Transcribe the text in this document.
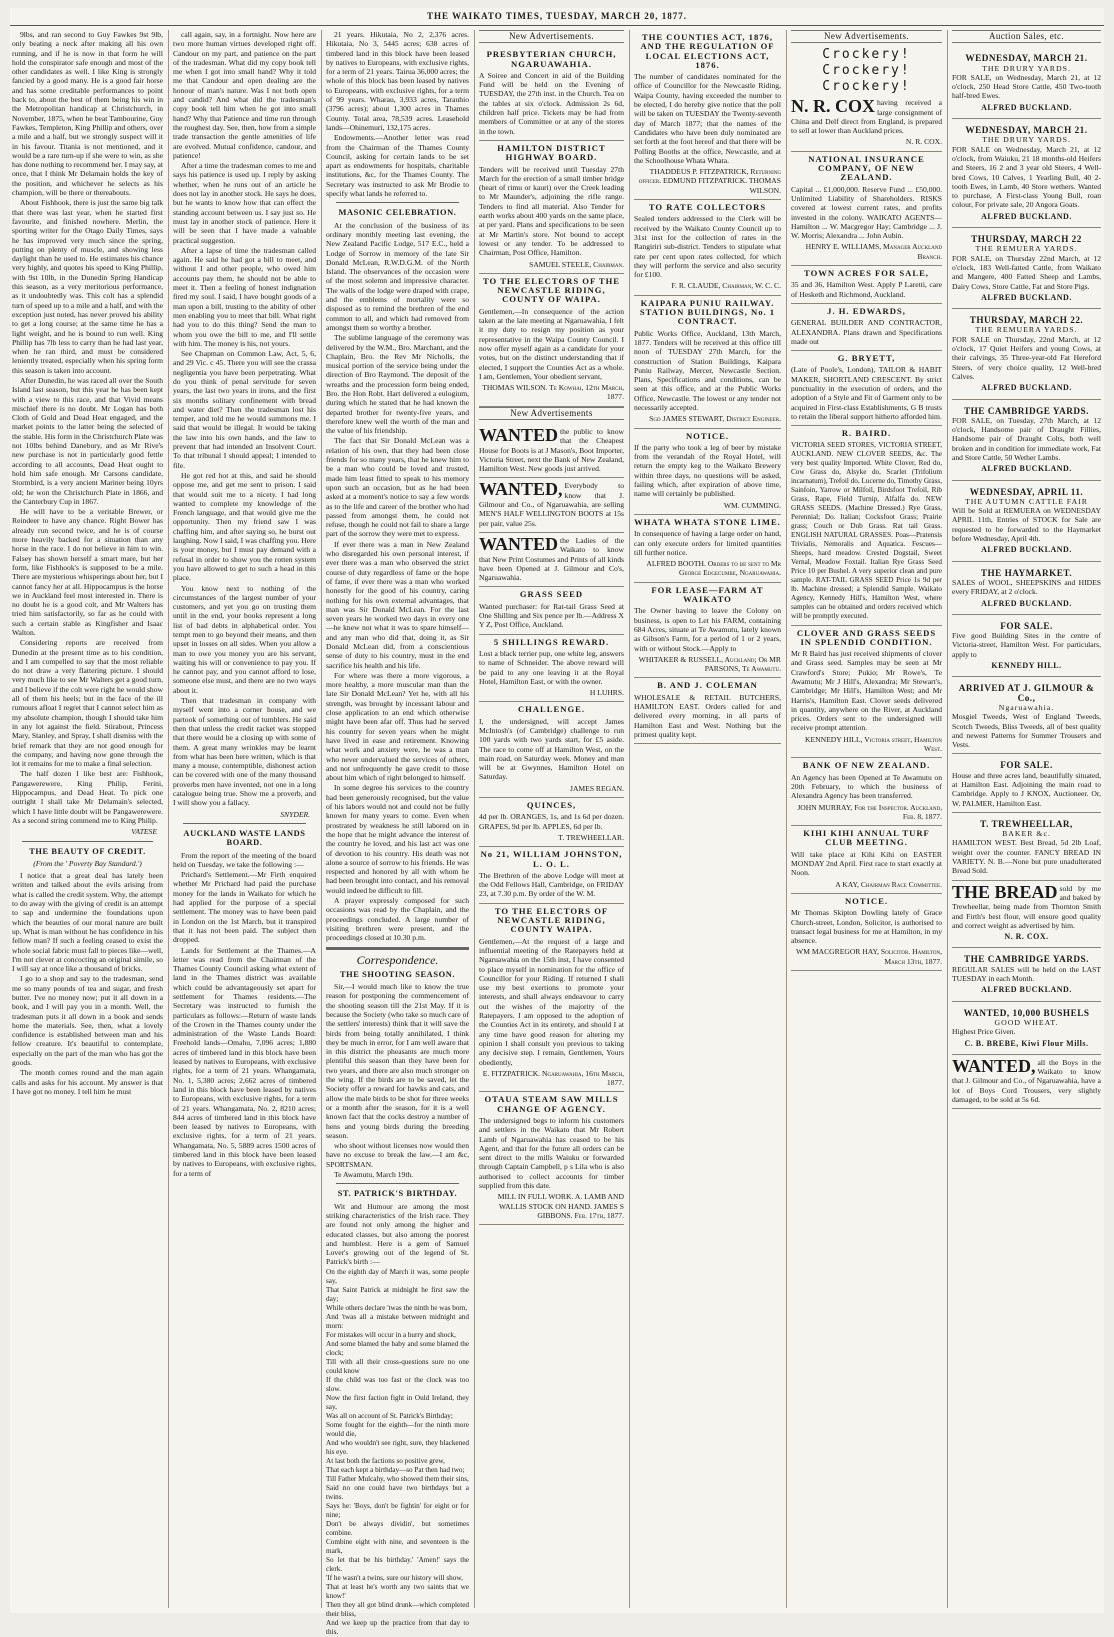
THE WAIKATO TIMES, TUESDAY, MARCH 20, 1877.

9lbs, and ran second to Guy Fawkes 9st 9lb, only beating a neck after making all his own running, and if he is now in that form he will hold the conspirator safe enough and most of the other candidates as well. I like King is strongly fancied by a good many. He is a good fair horse and has some creditable performances to point back to, about the best of them being his win in the Metropolitan handicap at Christchurch, in November, 1875, when he beat Tambourine, Guy Fawkes, Templeton, King Phillip and others, over a mile and a half, but we strongly suspect will it in his favour. Titania is not mentioned, and it would be a rare turn-up if she were to win, as she has done nothing to recommend her. I may say, at once, that I think Mr Delamain holds the key of the position, and whichever he selects as his champion, will be there or thereabouts.

About Fishhook, there is just the same big talk that there was last year, when he started first favourite, and finished nowhere. Merlin, the sporting writer for the Otago Daily Times, says he has improved very much since the spring, putting on plenty of muscle, and showing less daylight than he used to. He estimates his chance very highly, and quotes his speed to King Phillip, with 9st 10lb, in the Dunedin Spring Handicap this season, as a very meritorious performance, as it undoubtedly was. This colt has a splendid turn of speed up to a mile and a half, and with the exception just noted, has never proved his ability to get a long course; at the same time he has a light weight, and he is bound to run well. King Phillip has 7lb less to carry than he had last year, when he ran third, and must be considered leniently treated, especially when his spring form this season is taken into account.

After Dunedin, he was raced all over the South Island last season, but this year he has been kept with a view to this race, and that Vivid means mischief there is no doubt. Mr Logan has both Cloth of Gold and Dead Heat engaged, and the market points to the latter being the selected of the stable. His form in the Christchurch Plate was not 10lbs behind Danebury, and as Mr Rive's new purchase is not in particularly good fettle according to all accounts, Dead Heat ought to hold him safe enough. Mr Carsons candidate, Stormbird, is a very ancient Mariner being 10yrs old; he won the Christchurch Plate in 1866, and the Canterbury Cup in 1867.

He will have to be a veritable Brewer, or Reindeer to have any chance. Right Bower has already run second twice, and he is of course more heavily backed for a situation than any horse in the race. I do not believe in him to win. Falsey has shown herself a smart mare, but her form, like Fishhook's is supposed to be a mile. There are mysterious whisperings about her, but I cannot fancy her at all. Hippocampus is the horse we in Auckland feel most interested in. There is no doubt he is a good colt, and Mr Walters has tried him satisfactorily, so far as he could with such a certain stable as Kingfisher and Isaac Walton.

Considering reports are received from Dunedin at the present time as to his condition, and I am compelled to say that the most reliable do not draw a very flattering picture. I should very much like to see Mr Walters get a good turn, and I believe if the colt were right he would show all of them his heels; but in the face of the ill rumours afloat I regret that I cannot select him as my absolute champion, though I should take him in any lot against the field. Stirabout, Princess Mary, Stanley, and Spray, I shall dismiss with the brief remark that they are not good enough for the company, and having now gone through the lot it remains for me to make a final selection.

The half dozen I like best are: Fishhook, Pangawerewere, King Philip, Ferini, Hippocampus, and Dead Heat. To pick one outright I shall take Mr Delamain's selected, which I have little doubt will be Pangawerewere. As a second string commend me to King Philip.

VATESE
THE BEAUTY OF CREDIT.
(From the ' Poverty Bay Standard.')

I notice that a great deal has lately been written and talked about the evils arising from what is called the credit system. Why, the attempt to do away with the giving of credit is an attempt to sap and undermine the foundations upon which the beauties of our moral nature are built up. What is man without he has confidence in his fellow man? If such a feeling ceased to exist the whole social fabric must fall to pieces like—well, I'm not clever at concocting an original simile, so I will say at once like a thousand of bricks.

I go to a shop and say to the tradesman, send me so many pounds of tea and sugar, and fresh butter. I've no money now; put it all down in a book, and I will pay you in a month. Well, the tradesman puts it all down in a book and sends home the materials. See, then, what a lovely confidence is established between man and his fellow creature. It's beautiful to contemplate, especially on the part of the man who has got the goods.

The month comes round and the man again calls and asks for his account. My answer is that I have got no money. I tell him he must

call again, say, in a fortnight. Now here are two more human virtues developed right off. Candour on my part, and patience on the part of the tradesman. What did my copy book tell me when I got into small hand? Why it told me that Candour and open dealing are the honour of man's nature. Was I not both open and candid? And what did the tradesman's copy book tell him when he got into small hand? Why that Patience and time run through the roughest day. See, then, how from a simple trade transaction the gentle amenities of life are evolved. Mutual confidence, candour, and patience!

After a time the tradesman comes to me and says his patience is used up. I reply by asking whether, when he runs out of an article he does not lay in another stock. He says he does, but he wants to know how that can effect the standing account between us. I say just so. He must lay in another stock of patience. Here it will be seen that I have made a valuable practical suggestion.

After a lapse of time the tradesman called again. He said he had got a bill to meet, and without I and other people, who owed him accounts pay them, he should not be able to meet it. Then a feeling of honest indignation fired my soul. I said, I have bought goods of a man upon a bill, trusting to the ability of other men enabling you to meet that bill. What right had you to do this thing? Send the man to whom you owe the bill to me, and I'll settle with him. The money is his, not yours.

See Chapman on Common Law, Act, 5, 6, and 29 Vic. c 45. There you will see the crassa negligentia you have been perpetrating. What do you think of penal servitude for seven years, the last two years in irons, and the first six months solitary confinement with bread and water diet? Then the tradesman lost his temper, and told me he would summons me. I said that would be illegal. It would be taking the law into his own hands, and the law to prevent that had intended an Insolvent Court. To that tribunal I should appeal; I intended to file.

He got red hot at this, and said he should oppose me, and get me sent to prison. I said that would suit me to a nicety. I had long wanted to complete my knowledge of the French language, and that would give me the opportunity. Then my friend saw I was chaffing him, and after saying so, he burst out laughing. Now I said, I was chaffing you. Here is your money, but I must pay demand with a refusal in order to show you the rotten system you have allowed to get to such a head in this place.

You know next to nothing of the circumstances of the largest number of your customers, and yet you go on trusting them until in the end, your books represent a long list of bad debts in alphabetical order. You tempt men to go beyond their means, and then upset in losses on all sides. When you allow a man to owe you money you are his servant, waiting his will or convenience to pay you. If he cannot pay, and you cannot afford to lose, someone else must, and there are no two ways about it.

Then that tradesman in company with myself went into a corner house, and we partook of something out of tumblers. He said then that unless the credit racket was stopped that there would be a closing up with some of them. A great many wrinkles may be learnt from what has been here written, which is that many a mouse, contemptible, dishonest action can be covered with one of the many thousand proverbs men have invented, not one in a long catalogue being true. Show me a proverb, and I will show you a fallacy.

SNYDER.
AUCKLAND WASTE LANDS BOARD.

From the report of the meeting of the board held on Tuesday, we take the following :—

Prichard's Settlement.—Mr Firth enquired whether Mr Prichard had paid the purchase money for the lands in Waikato for which he had applied for the purpose of a special settlement. The money was to have been paid in London on the 1st March, but it transpired that it has not been paid. The subject then dropped.

Lands for Settlement at the Thames.—A letter was read from the Chairman of the Thames County Council asking what extent of land in the Thames district was available which could be advantageously set apart for settlement for Thames residents.—The Secretary was instructed to furnish the particulars as follows:—Return of waste lands of the Crown in the Thames county under the administration of the Waste Lands Board: Freehold lands—Omahu, 7,096 acres; 1,880 acres of timbered land in this block have been leased by natives to Europeans, with exclusive rights, for a term of 21 years. Whangamata, No. 1, 5,380 acres; 2,662 acres of timbered land in this block have been leased by natives to Europeans, with exclusive rights, for a term of 21 years. Whangamata, No. 2, 8210 acres; 844 acres of timbered land in this block have been leased by natives to Europeans, with exclusive rights, for a term of 21 years. Whangamata, No. 5, 5889 acres 1500 acres of timbered land in this block have been leased by natives to Europeans, with exclusive rights, for a term of

21 years. Hikutaia, No 2, 2,376 acres. Hikutaia, No 3, 5445 acres; 638 acres of timbered land in this block have been leased by natives to Europeans, with exclusive rights, for a term of 21 years. Tairua 36,000 acres; the whole of this block has been leased by natives to Europeans, with exclusive rights, for a term of 99 years. Wharau, 3,933 acres, Tarauhio (3796 acres); about 1,300 acres in Thames County. Total area, 78,539 acres. Leasehold lands—Ohinemuri, 132,175 acres.

Endowments.—Another letter was read from the Chairman of the Thames County Council, asking for certain lands to be set apart as endowments for hospitals, charitable institutions, &c, for the Thames County. The Secretary was instructed to ask Mr Brodie to specify what lands he referred to.

MASONIC CELEBRATION.

At the conclusion of the business of its ordinary monthly meeting last evening, the New Zealand Pacific Lodge, 517 E.C., held a Lodge of Sorrow in memory of the late Sir Donald McLean, R.W.D.G.M. of the North Island. The observances of the occasion were of the most solemn and impressive character. The walls of the lodge were draped with crape, and the emblems of mortality were so disposed as to remind the brethren of the end common to all, and which had removed from amongst them so worthy a brother.

The sublime language of the ceremony was delivered by the W.M., Bro. Marchant, and the Chaplain, Bro. the Rev Mr Nicholls, the musical portion of the service being under the direction of Bro Raymond. The deposit of the wreaths and the procession form being ended, Bro. the Hon Robt. Hart delivered a eulogium, during which he stated that he had known the departed brother for twenty-five years, and therefore knew well the worth of the man and the value of his friendship.

The fact that Sir Donald McLean was a relation of his own, that they had been close friends for so many years, that he knew him to be a man who could be loved and trusted, made him least fitted to speak to his memory upon such an occasion, but as he had been asked at a moment's notice to say a few words as to the life and career of the brother who had passed from amongst them, he could not refuse, though he could not fail to share a large part of the sorrow they were met to express.

If ever there was a man in New Zealand who disregarded his own personal interest, if ever there was a man who observed the strict course of duty regardless of fame or the hope of fame, if ever there was a man who worked honestly for the good of his country, caring nothing for his own external advantages, that man was Sir Donald McLean. For the last seven years he worked two days in every one—he knew not what it was to spare himself—and any man who did that, doing it, as Sir Donald McLean did, from a conscientious sense of duty to his country, must in the end sacrifice his health and his life.

For where was there a more vigorous, a more healthy, a more muscular man than the late Sir Donald McLean? Yet he, with all his strength, was brought by incessant labour and close application to an end which otherwise might have been afar off. Thus had he served his country for seven years when he might have lived in ease and retirement. Knowing what work and anxiety were, he was a man who never undervalued the services of others, and not unfrequently he gave credit to those about him which of right belonged to himself.

In some degree his services to the country had been generously recognised, but the value of his labors would not and could not be fully known for many years to come. Even when prostrated by weakness he still labored on in the hope that he might advance the interest of the country he loved, and his last act was one of devotion to his country. His death was not alone a source of sorrow to his friends. He was respected and honored by all with whom he had been brought into contact, and his removal would indeed be difficult to fill.

A prayer expressly composed for such occasions was read by the Chaplain, and the proceedings concluded. A large number of visiting brethren were present, and the proceedings closed at 10.30 p.m.

Correspondence.
THE SHOOTING SEASON.

Sir,—I would much like to know the true reason for postponing the commencement of the shooting season till the 21st May. If it is because the Society (who take so much care of the settlers' interests) think that it will save the birds from being totally annihilated, I think they be much in error, for I am well aware that in this district the pheasants are much more plentiful this season than they have been for two years, and there are also much stronger on the wing. If the birds are to be saved, let the Society offer a reward for hawks and cats, and allow the male birds to be shot for three weeks or a month after the season, for it is a well known fact that the cocks destroy a number of hens and young birds during the breeding season.

who shoot without licenses now would then have no excuse to break the law.—I am &c, SPORTSMAN.

Te Awamutu, March 19th.

ST. PATRICK'S BIRTHDAY.

Wit and Humour are among the most striking characteristics of the Irish race. They are found not only among the higher and educated classes, but also among the poorest and humblest. Here is a gem of Samuel Lover's growing out of the legend of St. Patrick's birth :—

On the eighth day of March it was, some people say,
That Saint Patrick at midnight he first saw the day;
While others declare 'twas the ninth he was born,
And 'twas all a mistake between midnight and morn:
For mistakes will occur in a hurry and shock,
And some blamed the baby and some blamed the clock;
Till with all their cross-questions sure no one could know
If the child was too fast or the clock was too slow.
Now the first faction fight in Ould Ireland, they say,
Was all on account of St. Patrick's Birthday;
Some fought for the eighth—for the ninth more would die,
And who wouldn't see right, sure, they blackened his eye.
At last both the factions so positive grew,
That each kept a birthday—so Pat then had two;
Till Father Mulcahy, who showed them their sins,
Said no one could have two birthdays but a twins.
Says he: 'Boys, don't be fightin' for eight or for nine;
Don't be always dividin', but sometimes combine.
Combine eight with nine, and seventeen is the mark,
So let that be his birthday.' 'Amen!' says the clerk.
'If he wasn't a twins, sure our history will show,
That at least he's worth any two saints that we know!'
Then they all got blind drunk—which completed their bliss,
And we keep up the practice from that day to this.
New Advertisements.
PRESBYTERIAN CHURCH, NGARUAWAHIA.

A Soiree and Concert in aid of the Building Fund will be held on the Evening of TUESDAY, the 27th inst. in the Church. Tea on the tables at six o'clock. Admission 2s 6d, children half price. Tickets may be had from members of Committee or at any of the stores in the town.

HAMILTON DISTRICT HIGHWAY BOARD.

Tenders will be received until Tuesday 27th March for the erection of a small timber bridge (heart of rimu or kauri) over the Creek leading to Mr Maunder's, adjoining the rifle range. Tenders to find all material. Also Tender for earth works about 400 yards on the same place, at per yard. Plans and specifications to be seen at Mr Martin's store. Not bound to accept lowest or any tender. To be addressed to Chairman, Post Office, Hamilton.

SAMUEL STEELE, Chairman.
TO THE ELECTORS OF THE NEWCASTLE RIDING, COUNTY OF WAIPA.

Gentlemen,—In consequence of the action taken at the late meeting at Ngaruawahia, I felt it my duty to resign my position as your representative in the Waipa County Council. I now offer myself again as a candidate for your votes, but on the distinct understanding that if elected, I support the Counties Act as a whole. I am, Gentlemen, Your obedient servant,

THOMAS WILSON. Te Kowhai, 12th March, 1877.
New Advertisements

WANTED the public to know that the Cheapest House for Boots is at J Mason's, Boot Importer, Victoria Street, next the Bank of New Zealand, Hamilton West. New goods just arrived.

WANTED, Everybody to know that J. Gilmour and Co., of Ngaruawahia, are selling MEN'S HALF WELLINGTON BOOTS at 15s per pair, value 25s.

WANTED the Ladies of the Waikato to know that New Print Costumes and Prints of all kinds have been Opened at J. Gilmour and Co's, Ngaruawahia.

GRASS SEED

Wanted purchaser: for Rat-tail Grass Seed at One Shilling and Six pence per lb.—Address X Y Z, Post Office, Auckland.

5 SHILLINGS REWARD.

Lost a black terrier pup, one white leg, answers to name of Schneider. The above reward will be paid to any one leaving it at the Royal Hotel, Hamilton East, or with the owner.

H LUHRS.
CHALLENGE.

I, the undersigned, will accept James McIntosh's (of Cambridge) challenge to run 100 yards with two yards start, for £5 aside. The race to come off at Hamilton West, on the main road, on Saturday week. Money and man will be at Gwynnes, Hamilton Hotel on Saturday.

JAMES REGAN.
QUINCES,

4d per lb. ORANGES, 1s, and 1s 6d per dozen. GRAPES, 9d per lb. APPLES, 6d per lb.

T. TREWHEELLAR.
No 21, WILLIAM JOHNSTON, L. O. L.

The Brethren of the above Lodge will meet at the Odd Fellows Hall, Cambridge, on FRIDAY 23, at 7.30 p.m. By order of the W. M.

TO THE ELECTORS OF NEWCASTLE RIDING, COUNTY WAIPA.

Gentlemen,—At the request of a large and influential meeting of the Ratepayers held at Ngaruawahia on the 15th inst, I have consented to place myself in nomination for the office of Councillor for your Riding. If returned I shall use my best exertions to promote your interests, and shall always endeavour to carry out the wishes of the majority of the Ratepayers. I am opposed to the adoption of the Counties Act in its entirety, and should I at any time have good reason for altering my opinion I shall consult you previous to taking any decisive step. I remain, Gentlemen, Yours obediently,

E. FITZPATRICK. Ngaruawahia, 16th March, 1877.
OTAUA STEAM SAW MILLS CHANGE OF AGENCY.

The undersigned begs to inform his customers and settlers in the Waikato that Mr Robert Lamb of Ngaruawahia has ceased to be his Agent, and that for the future all orders can be sent direct to the mills Waiuku or forwarded through Captain Campbell, p s Lila who is also authorised to collect accounts for timber supplied from this date.

MILL IN FULL WORK. A. LAMB AND WALLIS STOCK ON HAND. JAMES S GIBBONS. Feb. 17th, 1877.
THE COUNTIES ACT, 1876, AND THE REGULATION OF LOCAL ELECTIONS ACT, 1876.

The number of candidates nominated for the office of Councillor for the Newcastle Riding, Waipa County, having exceeded the number to be elected, I do hereby give notice that the poll will be taken on TUESDAY the Twenty-seventh day of March 1877; that the names of the Candidates who have been duly nominated are set forth at the foot hereof and that there will be Polling Booths at the office, Newcastle, and at the Schoolhouse Whata Whata.

THADDEUS P. FITZPATRICK, Returning officer. EDMUND FITZPATRICK. THOMAS WILSON.
TO RATE COLLECTORS

Sealed tenders addressed to the Clerk will be received by the Waikato County Council up to 31st inst for the collection of rates in the Rangiriri sub-district. Tenders to stipulate what rate per cent upon rates collected, for which they will perform the service and also security for £100.

F. R. CLAUDE, Chairman, W. C. C.
KAIPARA PUNIU RAILWAY. STATION BUILDINGS, No. 1 CONTRACT.

Public Works Office, Auckland, 13th March, 1877. Tenders will be received at this office till noon of TUESDAY 27th March, for the construction of Station Buildings, Kaipara Puniu Railway, Mercer, Newcastle Section. Plans, Specifications and conditions, can be seen at this office, and at the Public Works Office, Newcastle. The lowest or any tender not necessarily accepted.

Sgd JAMES STEWART, District Engineer.
NOTICE.

If the party who took a leg of beer by mistake from the verandah of the Royal Hotel, will return the empty keg to the Waikato Brewery within three days, no questions will be asked, failing which, after expiration of above time, name will certainly be published.

WM. CUMMING.
WHATA WHATA STONE LIME.

In consequence of having a large order on hand, can only execute orders for limited quantities till further notice.

ALFRED BOOTH. Orders to be sent to Mr George Edgecumbe, Ngaruawahia.
FOR LEASE—FARM AT WAIKATO

The Owner having to leave the Colony on business, is open to Let his FARM, containing 684 Acres, situate at Te Awamutu, lately known as Gibson's Farm, for a period of 1 or 2 years, with or without Stock.—Apply to

WHITAKER & RUSSELL, Auckland; Or MR PARSONS, Te Awamutu.
B. AND J. COLEMAN

WHOLESALE & RETAIL BUTCHERS, HAMILTON EAST. Orders called for and delivered every morning, in all parts of Hamilton East and West. Nothing but the primest quality kept.

New Advertisements.
Crockery!
Crockery!
Crockery!

N. R. COX having received a large consignment of China and Delf direct from England, is prepared to sell at lower than Auckland prices.

N. R. COX.
NATIONAL INSURANCE COMPANY, OF NEW ZEALAND.

Capital ... £1,000,000. Reserve Fund ... £50,000. Unlimited Liability of Shareholders. RISKS covered at lowest current rates, and profits invested in the colony. WAIKATO AGENTS—Hamilton ... W. Macgregor Hay; Cambridge ... J. W. Morris; Alexandra ... John Aubin.

HENRY E. WILLIAMS, Manager Auckland Branch.
TOWN ACRES FOR SALE,

35 and 36, Hamilton West. Apply P Laretti, care of Hesketh and Richmond, Auckland.

J. H. EDWARDS,

GENERAL BUILDER AND CONTRACTOR, ALEXANDRA. Plans drawn and Specifications made out

G. BRYETT,

(Late of Poole's, London), TAILOR & HABIT MAKER, SHORTLAND CRESCENT. By strict punctuality in the execution of orders, and the adoption of a Style and Fit of Garment only to be acquired in First-class Establishments, G B trusts to retain the liberal support hitherto afforded him.

R. BAIRD.

VICTORIA SEED STORES, VICTORIA STREET, AUCKLAND. NEW CLOVER SEEDS, &c. The very best quality Imported. White Clover, Red do, Cow Grass do, Alsyke do, Scarlet (Trifolium incarnatum), Trefoil do, Lucerne do, Timothy Grass, Sainfoin, Yarrow or Milfoil, Birdsfoot Trefoil, Rib Grass, Rape, Field Turnip, Alfalfa do. NEW GRASS SEEDS. (Machine Dressed.) Rye Grass, Perennial; Do. Italian; Cocksfoot Grass; Prairie grass; Couch or Dub Grass. Rat tail Grass. ENGLISH NATURAL GRASSES. Poas—Pratensis Trivialis, Nemoralis and Aquatica. Fescues—Sheeps, hard meadow. Crested Dogstail, Sweet Vernal, Meadow Foxtail. Italian Rye Grass Seed Price 10 per Bushel. A very superior clean and pure sample. RAT-TAIL GRASS SEED Price 1s 9d per lb. Machine dressed; a Splendid Sample. Waikato Agency, Kennedy Hill's, Hamilton West, where samples can be obtained and orders received which will be promptly executed.

CLOVER AND GRASS SEEDS IN SPLENDID CONDITION.

Mr R Baird has just received shipments of clover and Grass seed. Samples may be seen at Mr Crawford's Store; Pukio; Mr Rowe's, Te Awamutu; Mr J Hill's, Alexandra; Mr Stewart's, Cambridge; Mr Hill's, Hamilton West; and Mr Harris's, Hamilton East. Clover seeds delivered in quantity, anywhere on the River, at Auckland prices. Orders sent to the undersigned will receive prompt attention.

KENNEDY HILL, Victoria street, Hamilton West.
BANK OF NEW ZEALAND.

An Agency has been Opened at Te Awamutu on 20th February, to which the business of Alexandra Agency has been transferred.

JOHN MURRAY, For the Inspector. Auckland, Feb. 8, 1877.
KIHI KIHI ANNUAL TURF CLUB MEETING.

Will take place at Kihi Kihi on EASTER MONDAY 2nd April. First race to start exactly at Noon.

A KAY, Chairman Race Committee.
NOTICE.

Mr Thomas Skipton Dowling lately of Grace Church-street, London, Solicitor, is authorised to transact legal business for me at Hamilton, in my absence.

WM MACGREGOR HAY, Solicitor. Hamilton, March 13th, 1877.
Auction Sales, etc.
WEDNESDAY, MARCH 21.
THE DRURY YARDS.

FOR SALE, on Wednesday, March 21, at 12 o'clock, 250 Head Store Cattle, 450 Two-tooth half-bred Ewes.

ALFRED BUCKLAND.
WEDNESDAY, MARCH 21.
THE DRURY YARDS.

FOR SALE on Wednesday, March 21, at 12 o'clock, from Waiuku, 21 18 months-old Heifers and Steers, 16 2 and 3 year old Steers, 4 Well-bred Cows, 10 Calves, 1 Yearling Bull, 40 2-tooth Ewes, in Lamb, 40 Store wethers. Wanted to purchase, A First-class Young Bull, roan colour, For private sale, 20 Angora Goats.

ALFRED BUCKLAND.
THURSDAY, MARCH 22
THE REMUERA YARDS.

FOR SALE, on Thursday 22nd March, at 12 o'clock, 183 Well-fatted Cattle, from Waikato and Mangere, 400 Fatted Sheep and Lambs, Dairy Cows, Store Cattle, Fat and Store Pigs.

ALFRED BUCKLAND.
THURSDAY, MARCH 22.
THE REMUERA YARDS.

FOR SALE on Thursday, 22nd March, at 12 o'clock, 17 Quiet Heifers and young Cows, at their calvings, 35 Three-year-old Fat Hereford Steers, of very choice quality, 12 Well-bred Calves.

ALFRED BUCKLAND.
THE CAMBRIDGE YARDS.

FOR SALE, on Tuesday, 27th March, at 12 o'clock, Handsome pair of Draught Fillies, Handsome pair of Draught Colts, both well broken and in condition for immediate work, Fat and Store Cattle, 50 Wether Lambs.

ALFRED BUCKLAND.
WEDNESDAY, APRIL 11.
THE AUTUMN CATTLE FAIR

Will be Sold at REMUERA on WEDNESDAY APRIL 11th, Entries of STOCK for Sale are requested to be forwarded to the Haymarket before Wednesday, April 4th.

ALFRED BUCKLAND.
THE HAYMARKET.

SALES of WOOL, SHEEPSKINS and HIDES every FRIDAY, at 2 o'clock.

ALFRED BUCKLAND.
FOR SALE.

Five good Building Sites in the centre of Victoria-street, Hamilton West. For particulars, apply to

KENNEDY HILL.
ARRIVED AT J. GILMOUR & Co.,
Ngaruawahia.

Mosgiel Tweeds, West of England Tweeds, Scotch Tweeds, Bliss Tweeds, all of best quality and newest Patterns for Summer Trousers and Vests.

FOR SALE.

House and three acres land, beautifully situated, at Hamilton East. Adjoining the main road to Cambridge. Apply to J KNOX, Auctioneer. Or, W. PALMER, Hamilton East.

T. TREWHEELLAR,
BAKER &c.

HAMILTON WEST. Best Bread, 5d 2lb Loaf, weight over the counter. FANCY BREAD IN VARIETY. N. B.—None but pure unadulterated Bread Sold.

THE BREAD sold by me and baked by Trewheellar, being made from Thornton Smith and Firth's best flour, will ensure good quality and correct weight as advertised by him.

N. R. COX.
THE CAMBRIDGE YARDS.

REGULAR SALES will be held on the LAST TUESDAY in each Month.

ALFRED BUCKLAND.
WANTED, 10,000 BUSHELS
GOOD WHEAT.

Highest Price Given.

C. B. BREBE, Kiwi Flour Mills.

WANTED, all the Boys in the Waikato to know that J. Gilmour and Co., of Ngaruawahia, have a lot of Boys Cord Trousers, very slightly damaged, to be sold at 5s 6d.
